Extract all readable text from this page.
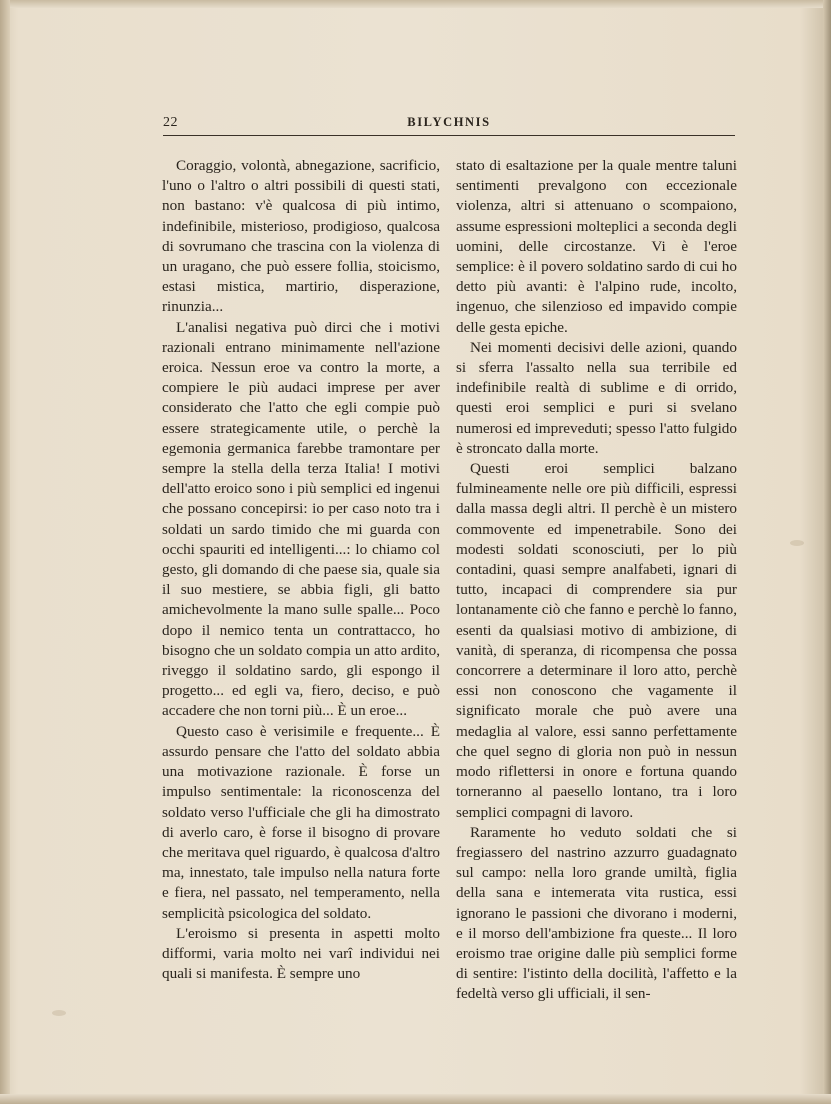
22	BILYCHNIS

Coraggio, volontà, abnegazione, sacrificio, l'uno o l'altro o altri possibili di questi stati, non bastano: v'è qualcosa di più intimo, indefinibile, misterioso, prodigioso, qualcosa di sovrumano che trascina con la violenza di un uragano, che può essere follia, stoicismo, estasi mistica, martirio, disperazione, rinunzia...

L'analisi negativa può dirci che i motivi razionali entrano minimamente nell'azione eroica. Nessun eroe va contro la morte, a compiere le più audaci imprese per aver considerato che l'atto che egli compie può essere strategicamente utile, o perchè la egemonia germanica farebbe tramontare per sempre la stella della terza Italia! I motivi dell'atto eroico sono i più semplici ed ingenui che possano concepirsi: io per caso noto tra i soldati un sardo timido che mi guarda con occhi spauriti ed intelligenti...: lo chiamo col gesto, gli domando di che paese sia, quale sia il suo mestiere, se abbia figli, gli batto amichevolmente la mano sulle spalle... Poco dopo il nemico tenta un contrattacco, ho bisogno che un soldato compia un atto ardito, riveggo il soldatino sardo, gli espongo il progetto... ed egli va, fiero, deciso, e può accadere che non torni più... È un eroe...

Questo caso è verisimile e frequente... È assurdo pensare che l'atto del soldato abbia una motivazione razionale. È forse un impulso sentimentale: la riconoscenza del soldato verso l'ufficiale che gli ha dimostrato di averlo caro, è forse il bisogno di provare che meritava quel riguardo, è qualcosa d'altro ma, innestato, tale impulso nella natura forte e fiera, nel passato, nel temperamento, nella semplicità psicologica del soldato.

L'eroismo si presenta in aspetti molto difformi, varia molto nei varî individui nei quali si manifesta. È sempre uno

stato di esaltazione per la quale mentre taluni sentimenti prevalgono con eccezionale violenza, altri si attenuano o scompaiono, assume espressioni molteplici a seconda degli uomini, delle circostanze. Vi è l'eroe semplice: è il povero soldatino sardo di cui ho detto più avanti: è l'alpino rude, incolto, ingenuo, che silenzioso ed impavido compie delle gesta epiche.

Nei momenti decisivi delle azioni, quando si sferra l'assalto nella sua terribile ed indefinibile realtà di sublime e di orrido, questi eroi semplici e puri si svelano numerosi ed impreveduti; spesso l'atto fulgido è stroncato dalla morte.

Questi eroi semplici balzano fulmineamente nelle ore più difficili, espressi dalla massa degli altri. Il perchè è un mistero commovente ed impenetrabile. Sono dei modesti soldati sconosciuti, per lo più contadini, quasi sempre analfabeti, ignari di tutto, incapaci di comprendere sia pur lontanamente ciò che fanno e perchè lo fanno, esenti da qualsiasi motivo di ambizione, di vanità, di speranza, di ricompensa che possa concorrere a determinare il loro atto, perchè essi non conoscono che vagamente il significato morale che può avere una medaglia al valore, essi sanno perfettamente che quel segno di gloria non può in nessun modo riflettersi in onore e fortuna quando torneranno al paesello lontano, tra i loro semplici compagni di lavoro.

Raramente ho veduto soldati che si fregiassero del nastrino azzurro guadagnato sul campo: nella loro grande umiltà, figlia della sana e intemerata vita rustica, essi ignorano le passioni che divorano i moderni, e il morso dell'ambizione fra queste... Il loro eroismo trae origine dalle più semplici forme di sentire: l'istinto della docilità, l'affetto e la fedeltà verso gli ufficiali, il sen-
